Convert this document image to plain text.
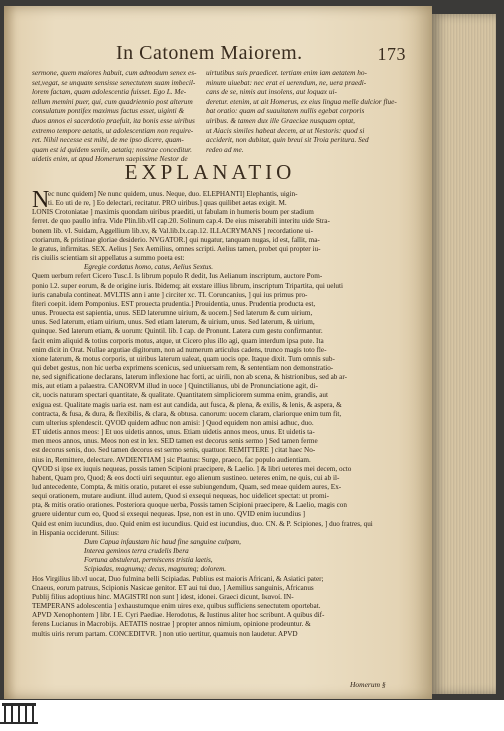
In Catonem Maiorem.	173
sermone, quem maiores habuit, cum admodum senex es-
set,vegat, se unquam sensisse senectutem suam imbecil-
lorem factam, quam adolescentia fuisset. Ego L. Me-
tellum memini puer, qui, cum quadriennio post alterum
consulatum pontifex maximus factus esset, uiginti &
duos annos ei sacerdotio praefuit, ita bonis esse uiribus
extremo tempore aetatis, ut adolescentiam non require-
ret. Nihil necesse est mihi, de me ipso dicere, quam-
quam est id quidem senile, aetatiq; nostrae conceditur.
uidetis enim, ut apud Homerum saepissime Nestor de
uirtutibus suis praedicet. tertiam enim iam aetatem ho-
minum uiuebat: nec erat ei uerendum, ne, uera praedi-
cans de se, nimis aut insolens, aut loquax ui-
deretur. etenim, ut ait Homerus, ex eius lingua melle dulcior flue-
bat oratio: quam ad suauitatem nullis egebat corporis
uiribus. & tamen dux ille Graeciae nusquam optat,
ut Aiacis similes habeat decem, at ut Nestoris: quod si
acciderit, non dubitat, quin breui sit Troia peritura. Sed
redeo ad me.
EXPLANATIO
N
ec nunc quidem] Ne nunc quidem, unus. Neque, duo. ELEPHANTI] Elephantis, uigin-
ti. Eo uti de re, ] Eo delectari, recitatur. PRO uiribus.] quas quilibet aetas exigit. M.
LONIS Crotoniatae ] maximis quondam uiribus praediti, ut fabulam in humeris boum per stadium
ferret. de quo paullo infra. Vide Plin.lib.vII cap.20. Solinum cap.4. De eius miserabili interitu uide Stra-
bonem lib. vI. Suidam, Aggellium lib.xv, & Val.lib.Ix.cap.12. ILLACRYMANS ] recordatione ui-
ctoriarum, & pristinae gloriae desiderio. NVGATOR.] qui nugatur, tanquam nugas, id est, fallit, ma-
le gratus, infirmitas. SEX. Aelius ] Sex Aemilius, omnes scripti. Aelius tamen, probet qui propter iu-
ris ciuilis scientiam sit appellatus a summo poeta est:
Egregie cordatus homo, catus, Aelius Sextus.
Quem uerbum refert Cicero Tusc.I. Is librum populo R dedit, Ius Aelianum inscriptum, auctore Pom-
ponio l.2. super eorum, & de origine iuris. Ibidemq; ait exstare illius librum, inscriptum Tripartita, qui ueluti
iuris canabula contineat. MVLTIS ann i ante ] circiter xc. TI. Coruncanius, ] qui ius primus pro-
fiteri coepit. idem Pomponius. EST prouecta prudentia.] Prouidentia, unus. Prudentia producta est,
unus. Prouecta est sapientia, unus. SED laterumne uirium, & uocem.] Sed laterum & cum uirium,
unus. Sed laterum, etiam uirium, unus. Sed etiam laterum, & uirium, unus. Sed laterum, & uirium,
quinque. Sed laterum etiam, & uorum: Quintil. lib. I cap. de Pronunt. Latera cum gestu confirmantur.
facit enim aliquid & totius corporis motus, atque, ut Cicero plus illo agi, quam interdum ipsa pute. Ita
enim dicit in Orat. Nullae argutiae digitorum, non ad numerum articulus cadens, trunco magis toto fle-
xione laterum, & motus corporis, ut uiribus laterum ualeat, quam uocis ope. Itaque dixit. Tum omnis sub-
qui debet gestus, non hic uerba exprimens scenicus, sed uniuersam rem, & sententiam non demonstratio-
ne, sed significatione declarans, laterum inflexione hac forti, ac uirili, non ab scena, & histrionibus, sed ab ar-
mis, aut etiam a palaestra. CANORVM illud in uoce ] Quinctilianus, ubi de Pronunciatione agit, di-
cit, uocis naturam spectari quantitate, & qualitate. Quantitatem simpliciorem summa enim, grandis, aut
exigua est. Qualitate magis uaria est. nam est aut candida, aut fusca, & plena, & exilis, & lenis, & aspera, &
contracta, & fusa, & dura, & flexibilis, & clara, & obtusa. canorum: uocem claram, clariorque enim tum fit,
cum ulterius splendescit. QVOD quidem adhuc non amisi: ] Quod equidem non amisi adhuc, duo.
ET uidetis annos meos: ] Et uos uidetis annos, unus. Etiam uidetis annos meos, unus. Et uidetis ta-
men meos annos, unus. Meos non est in lex. SED tamen est decorus senis sermo ] Sed tamen ferme
est decorus senis, duo. Sed tamen decorus est sermo senis, quattuor. REMITTERE ] citat haec No-
nius in, Remittere, delectare. AVDIENTIAM ] sic Plautus: Surge, praeco, fac populo audientiam.
QVOD si ipse ex iuquis nequeas, possis tamen Scipioni praecipere, & Laelio. ] & libri ueteres mei decem, octo
habent, Quam pro, Quod; & eos docti uiri sequuntur. ego alienum sustineo. ueteres enim, ne quis, cui ab il-
lud antecedente, Compta, & mitis oratio, putaret ei esse subiungendum, Quam, sed meae quidem aures, Ex-
sequi orationem, mutare audiunt. illud autem, Quod si exsequi nequeas, hoc uidelicet spectat: ut promi-
pta, & mitis oratio orationes. Posteriora quoque uerba, Possis tamen Scipioni praecipere, & Laelio, magis con
gruere uidentur cum eo, Quod si exsequi nequeas. Ipse, non est in uno. QVID enim iucundius ]
Quid est enim iucundius, duo. Quid enim est iucundius. Quid est iucundius, duo. CN. & P. Scipiones, ] duo fratres, qui
in Hispania occiderunt. Silius:
Dum Capua infaustam hic haud fine sanguine culpam,
Interea geminos terra crudelis Ibera
Fortuna abstulerat, permiscens tristia laetis,
Scipiadas, magnumq; decus, magnumq; dolorem.
Hos Virgilius lib.vI uocat, Duo fulmina belli Scipiadas. Publius est maioris Africani, & Asiatici pater;
Cnaeus, eorum patruus, Scipionis Nasicae genitor. ET aui tui duo, ] Aemilius sanguinis, Africanus
Publij filius adoptiuus hinc. MAGISTRI non sunt ] idest, idonei. Graeci dicunt, Ικανοί. IN-
TEMPERANS adolescentia ] exhaustumque enim uires exe, quibus sufficiens senectutem oportebat.
APVD Xenophontem ] libr. I E. Cyri Paediae. Herodotus, & Iustinus aliter hoc scribunt. A quibus dif-
ferens Lucianus in Macrobijs. AETATIS nostrae ] propter annos nimium, opinione prodeuntur. &
multis uiris rerum partam. CONCEDITVR. ] non utio uertitur, quamuis non laudetur. APVD
Homerum §
